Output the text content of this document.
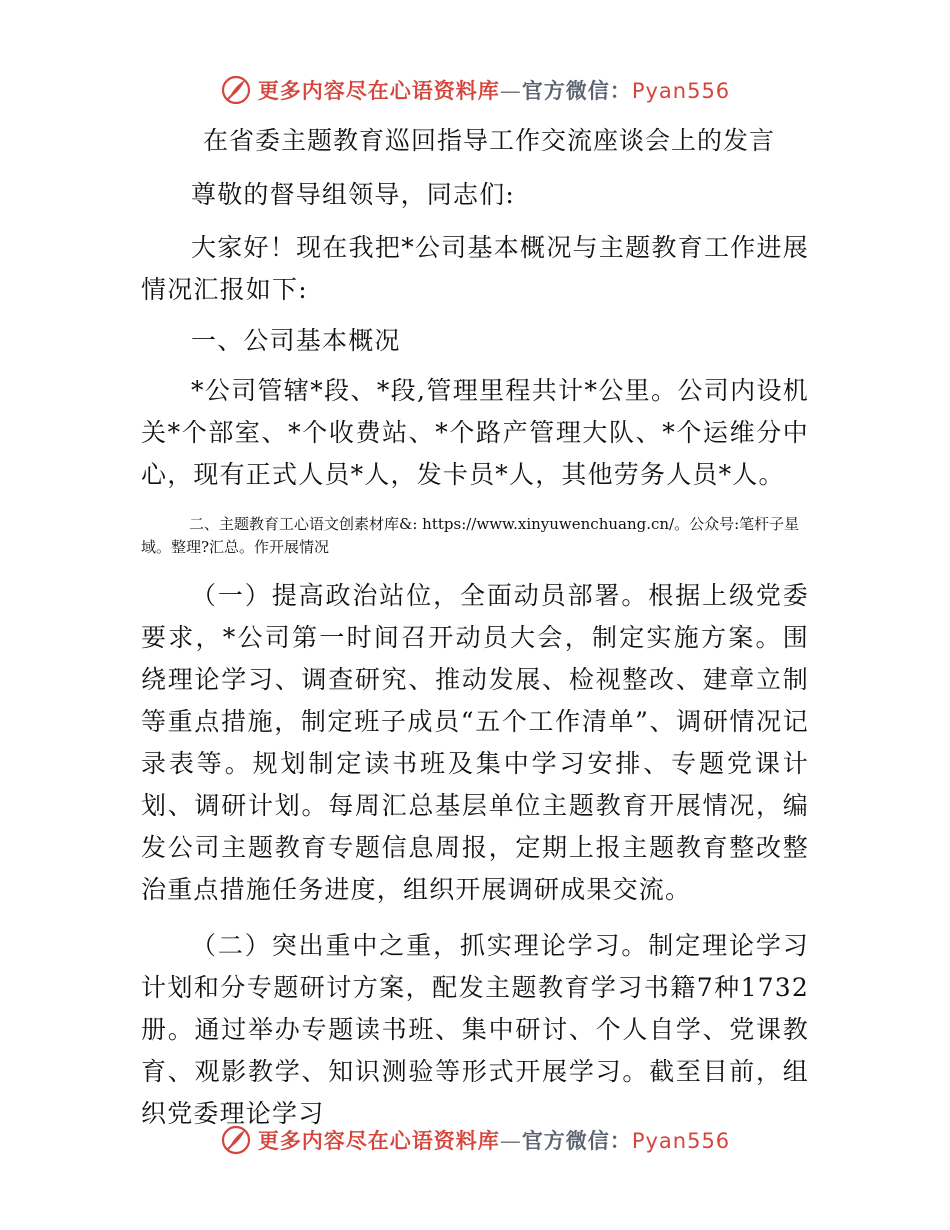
更多内容尽在心语资料库—官方微信：Pyan556
在省委主题教育巡回指导工作交流座谈会上的发言
尊敬的督导组领导，同志们:
大家好！现在我把*公司基本概况与主题教育工作进展情况汇报如下:
一、公司基本概况
*公司管辖*段、*段,管理里程共计*公里。公司内设机关*个部室、*个收费站、*个路产管理大队、*个运维分中心，现有正式人员*人，发卡员*人，其他劳务人员*人。
二、主题教育工心语文创素材库&: https://www.xinyuwenchuang.cn/。公众号:笔杆子星域。整理?汇总。作开展情况
（一）提高政治站位，全面动员部署。根据上级党委要求，*公司第一时间召开动员大会，制定实施方案。围绕理论学习、调查研究、推动发展、检视整改、建章立制等重点措施，制定班子成员“五个工作清单”、调研情况记录表等。规划制定读书班及集中学习安排、专题党课计划、调研计划。每周汇总基层单位主题教育开展情况，编发公司主题教育专题信息周报，定期上报主题教育整改整治重点措施任务进度，组织开展调研成果交流。
（二）突出重中之重，抓实理论学习。制定理论学习计划和分专题研讨方案，配发主题教育学习书籍7种1732册。通过举办专题读书班、集中研讨、个人自学、党课教育、观影教学、知识测验等形式开展学习。截至目前，组织党委理论学习
更多内容尽在心语资料库—官方微信：Pyan556
